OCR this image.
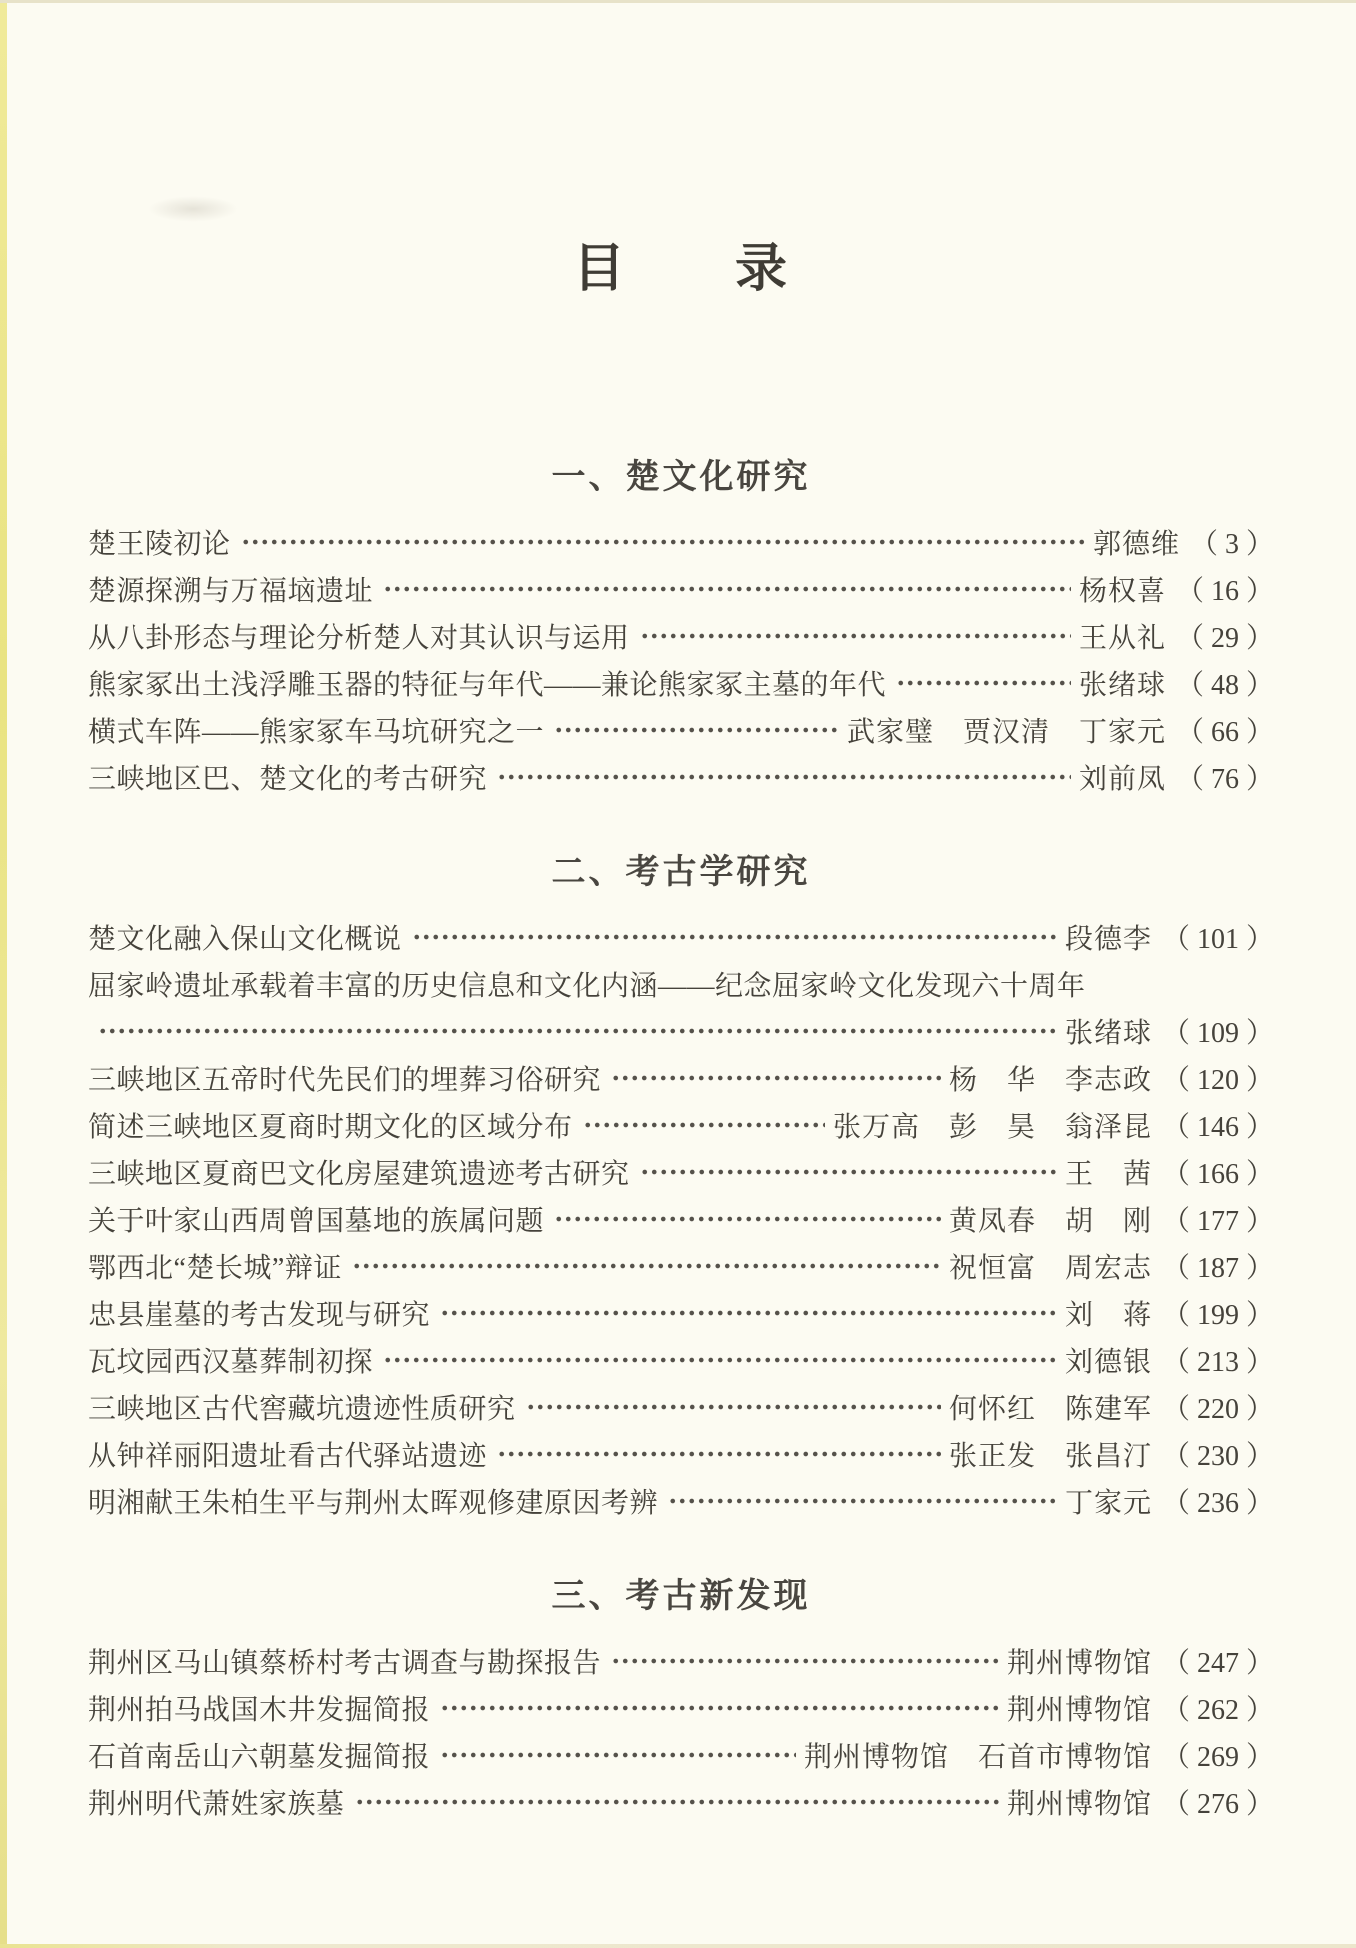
目　　录
一、楚文化研究
楚王陵初论	郭德维 （ 3 ）
楚源探溯与万福垴遗址	杨权喜 （ 16 ）
从八卦形态与理论分析楚人对其认识与运用	王从礼 （ 29 ）
熊家冢出土浅浮雕玉器的特征与年代——兼论熊家冢主墓的年代	张绪球 （ 48 ）
横式车阵——熊家冢车马坑研究之一	武家璧　贾汉清　丁家元 （ 66 ）
三峡地区巴、楚文化的考古研究	刘前凤 （ 76 ）
二、考古学研究
楚文化融入保山文化概说	段德李 （ 101 ）
屈家岭遗址承载着丰富的历史信息和文化内涵——纪念屈家岭文化发现六十周年
张绪球 （ 109 ）
三峡地区五帝时代先民们的埋葬习俗研究	杨　华　李志政 （ 120 ）
简述三峡地区夏商时期文化的区域分布	张万高　彭　昊　翁泽昆 （ 146 ）
三峡地区夏商巴文化房屋建筑遗迹考古研究	王　茜 （ 166 ）
关于叶家山西周曾国墓地的族属问题	黄凤春　胡　刚 （ 177 ）
鄂西北“楚长城”辩证	祝恒富　周宏志 （ 187 ）
忠县崖墓的考古发现与研究	刘　蒋 （ 199 ）
瓦坟园西汉墓葬制初探	刘德银 （ 213 ）
三峡地区古代窖藏坑遗迹性质研究	何怀红　陈建军 （ 220 ）
从钟祥丽阳遗址看古代驿站遗迹	张正发　张昌汀 （ 230 ）
明湘献王朱柏生平与荆州太晖观修建原因考辨	丁家元 （ 236 ）
三、考古新发现
荆州区马山镇蔡桥村考古调查与勘探报告	荆州博物馆 （ 247 ）
荆州拍马战国木井发掘简报	荆州博物馆 （ 262 ）
石首南岳山六朝墓发掘简报	荆州博物馆　石首市博物馆 （ 269 ）
荆州明代萧姓家族墓	荆州博物馆 （ 276 ）
